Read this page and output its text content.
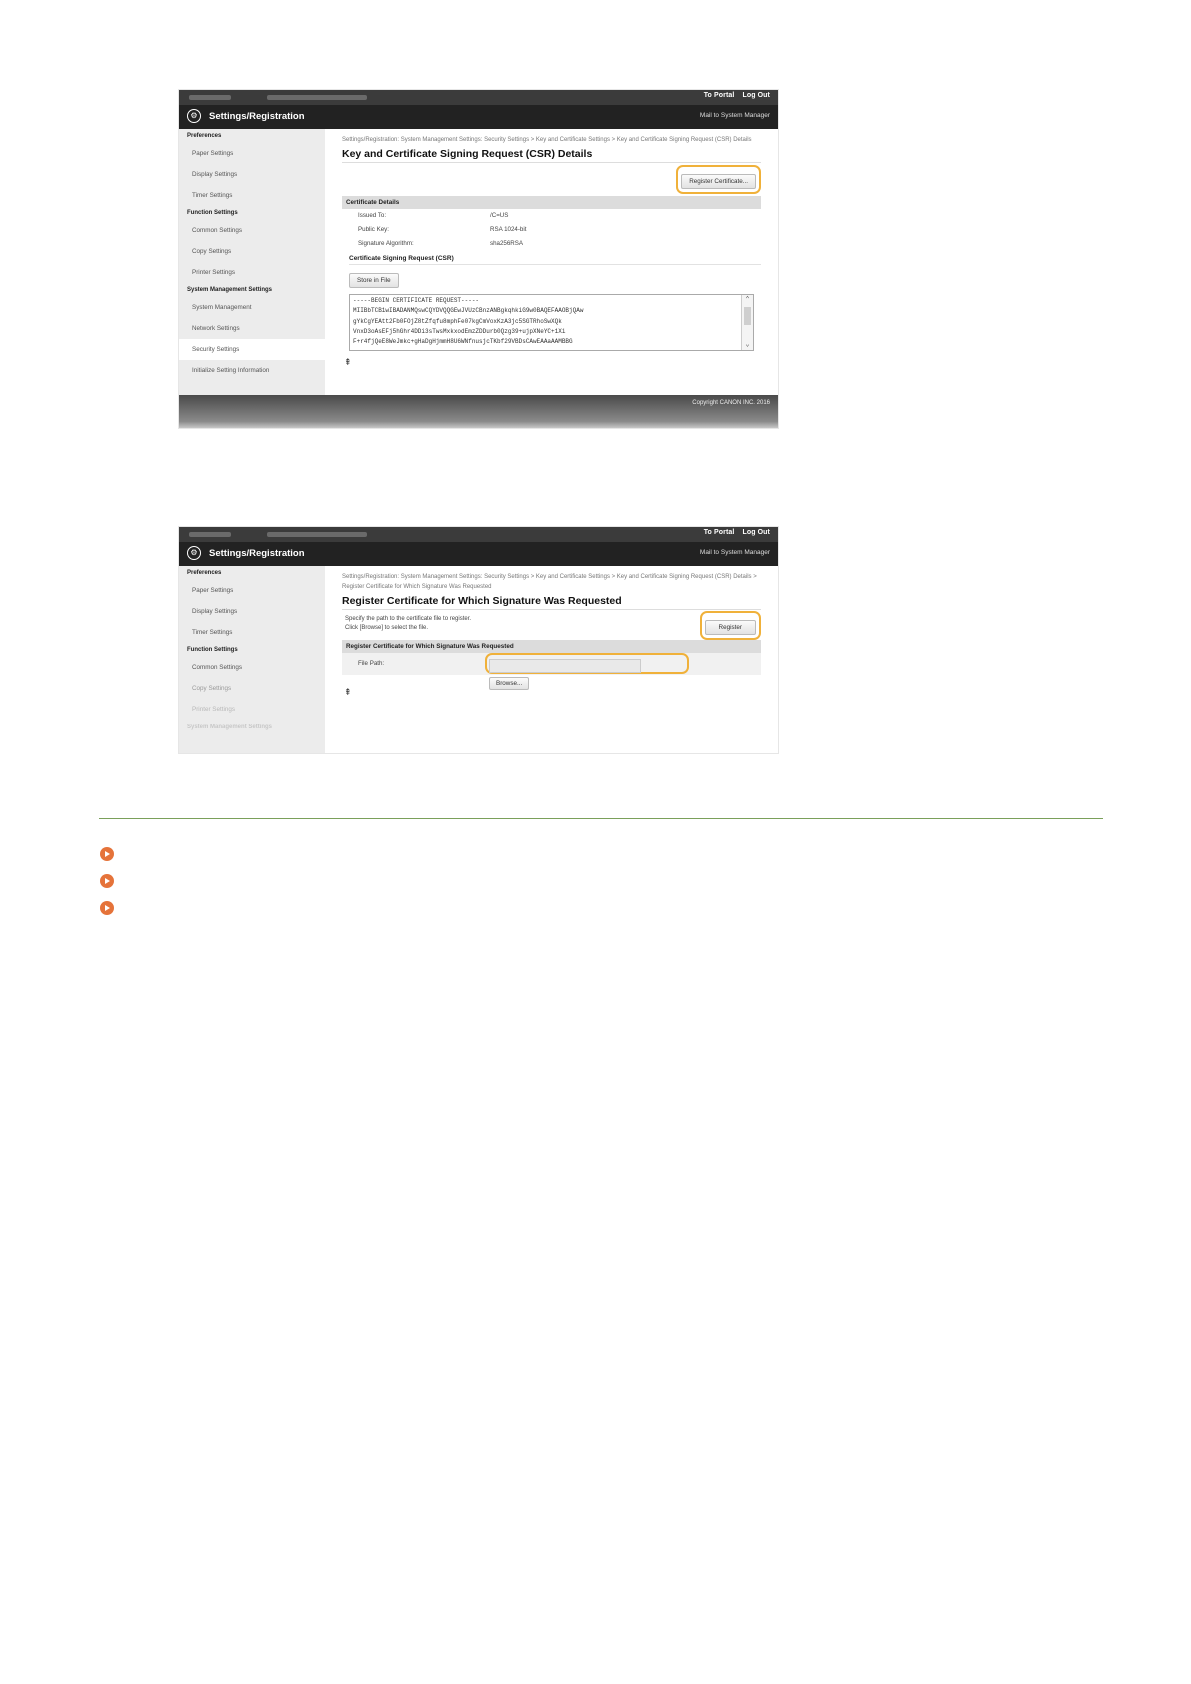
To Portal Log Out
⚙	Settings/Registration	Mail to System Manager
Preferences
Paper Settings
Display Settings
Timer Settings
Function Settings
Common Settings
Copy Settings
Printer Settings
System Management Settings
System Management
Network Settings
Security Settings
Initialize Setting Information
Settings/Registration: System Management Settings: Security Settings > Key and Certificate Settings > Key and Certificate Signing Request (CSR) Details
Key and Certificate Signing Request (CSR) Details
Register Certificate...
Certificate Details
Issued To:	/C=US
Public Key:	RSA 1024-bit
Signature Algorithm:	sha256RSA
Certificate Signing Request (CSR)
Store in File
-----BEGIN CERTIFICATE REQUEST-----
MIIBbTCB1wIBADANMQswCQYDVQQGEwJVUzCBnzANBgkqhkiG9w0BAQEFAAOBjQAw
gYkCgYEAtt2Fb0FOjZ8tZfqfu8mphFe07kgCmVoxKzA3jc5SGTRhoSwXQk
VnxD3oAsEFj5hGhr4DDi3sTwsMxkxodEmzZDDurb0Qzg39+ujpXNeYC+1Xi
F+r4fjQeE8WeJmkc+gHaDgHjmmH8U6WNfnusjcTKbf29VBDsCAwEAAaAAMBBG
⌃
⌄
⇞
Copyright CANON INC. 2016
To Portal Log Out
⚙	Settings/Registration	Mail to System Manager
Preferences
Paper Settings
Display Settings
Timer Settings
Function Settings
Common Settings
Copy Settings
Printer Settings
System Management Settings
Settings/Registration: System Management Settings: Security Settings > Key and Certificate Settings > Key and Certificate Signing Request (CSR) Details > Register Certificate for Which Signature Was Requested
Register Certificate for Which Signature Was Requested
Specify the path to the certificate file to register.
Click [Browse] to select the file.	Register
Register Certificate for Which Signature Was Requested
File Path:
Browse...
⇞
